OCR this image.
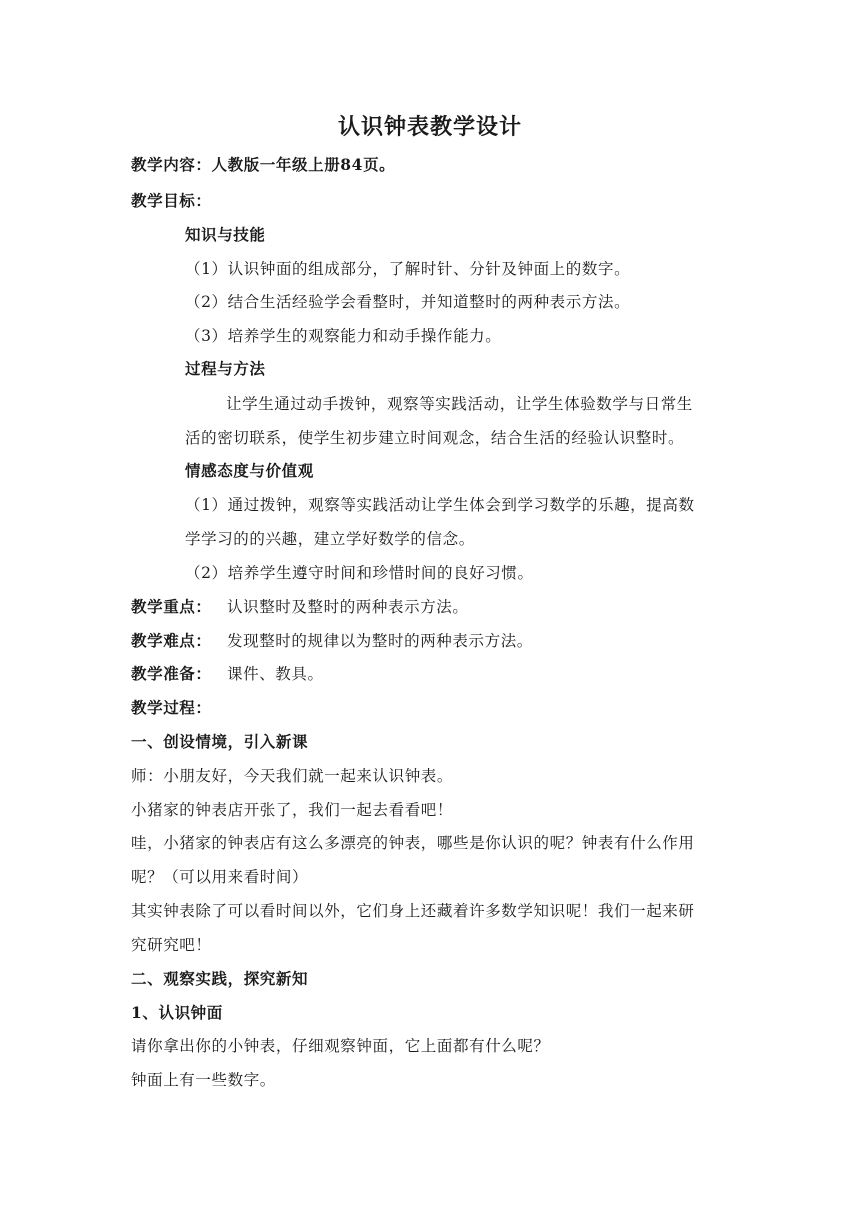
认识钟表教学设计
教学内容：人教版一年级上册84页。
教学目标：
知识与技能
（1）认识钟面的组成部分，了解时针、分针及钟面上的数字。
（2）结合生活经验学会看整时，并知道整时的两种表示方法。
（3）培养学生的观察能力和动手操作能力。
过程与方法
让学生通过动手拨钟，观察等实践活动，让学生体验数学与日常生
活的密切联系，使学生初步建立时间观念，结合生活的经验认识整时。
情感态度与价值观
（1）通过拨钟，观察等实践活动让学生体会到学习数学的乐趣，提高数
学学习的的兴趣，建立学好数学的信念。
（2）培养学生遵守时间和珍惜时间的良好习惯。
教学重点： 认识整时及整时的两种表示方法。
教学难点： 发现整时的规律以为整时的两种表示方法。
教学准备： 课件、教具。
教学过程：
一、创设情境，引入新课
师：小朋友好，今天我们就一起来认识钟表。
小猪家的钟表店开张了，我们一起去看看吧！
哇，小猪家的钟表店有这么多漂亮的钟表，哪些是你认识的呢？钟表有什么作用
呢？（可以用来看时间）
其实钟表除了可以看时间以外，它们身上还藏着许多数学知识呢！我们一起来研
究研究吧！
二、观察实践，探究新知
1、认识钟面
请你拿出你的小钟表，仔细观察钟面，它上面都有什么呢？
钟面上有一些数字。
